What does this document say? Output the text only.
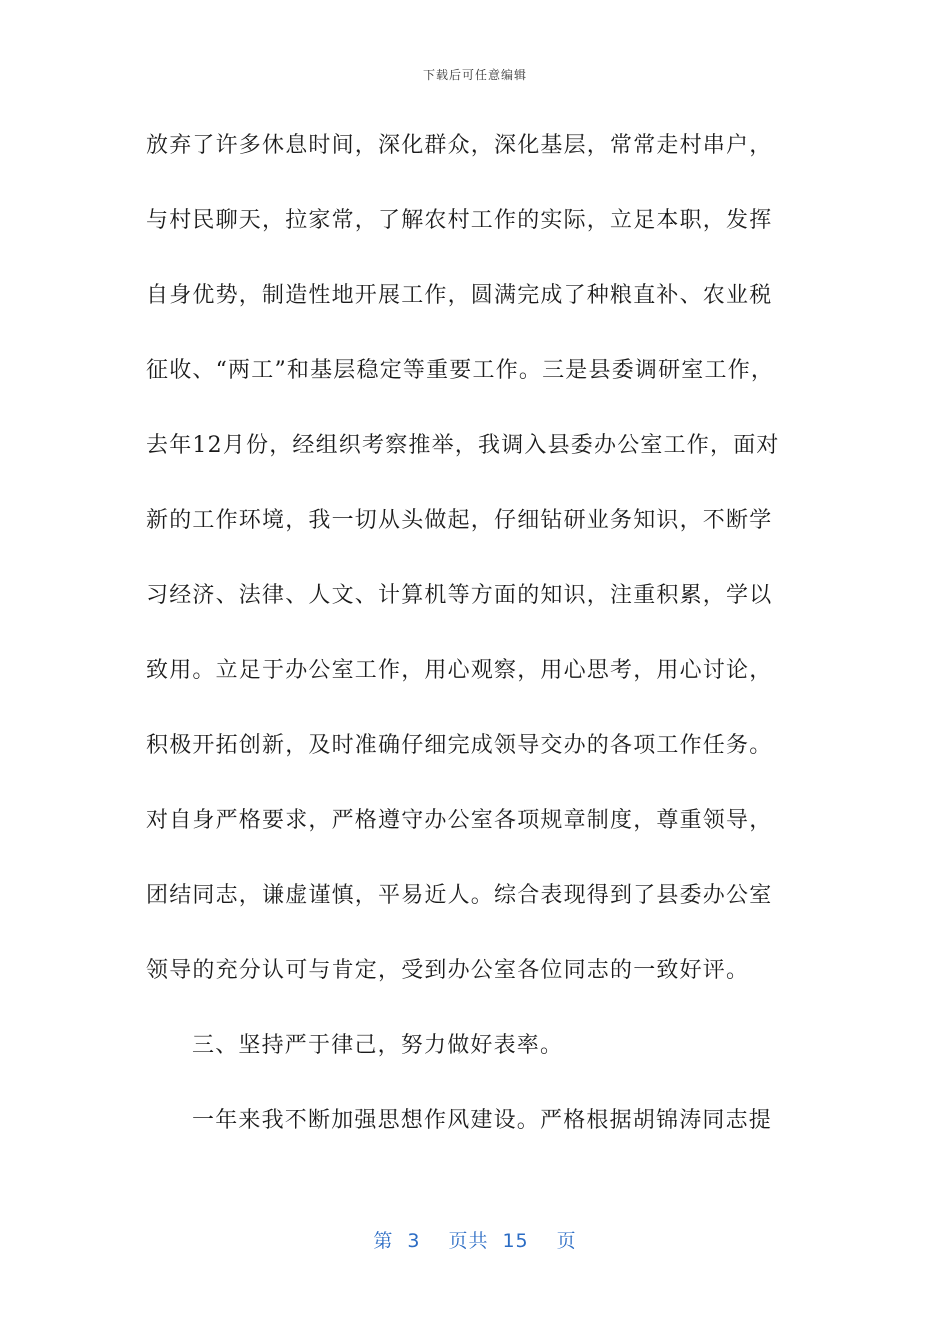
下载后可任意编辑
放弃了许多休息时间，深化群众，深化基层，常常走村串户，
与村民聊天，拉家常，了解农村工作的实际，立足本职，发挥
自身优势，制造性地开展工作，圆满完成了种粮直补、农业税
征收、“两工”和基层稳定等重要工作。三是县委调研室工作，
去年12月份，经组织考察推举，我调入县委办公室工作，面对
新的工作环境，我一切从头做起，仔细钻研业务知识，不断学
习经济、法律、人文、计算机等方面的知识，注重积累，学以
致用。立足于办公室工作，用心观察，用心思考，用心讨论，
积极开拓创新，及时准确仔细完成领导交办的各项工作任务。
对自身严格要求，严格遵守办公室各项规章制度，尊重领导，
团结同志，谦虚谨慎，平易近人。综合表现得到了县委办公室
领导的充分认可与肯定，受到办公室各位同志的一致好评。
三、坚持严于律己，努力做好表率。
一年来我不断加强思想作风建设。严格根据胡锦涛同志提
第 3 页共 15 页
